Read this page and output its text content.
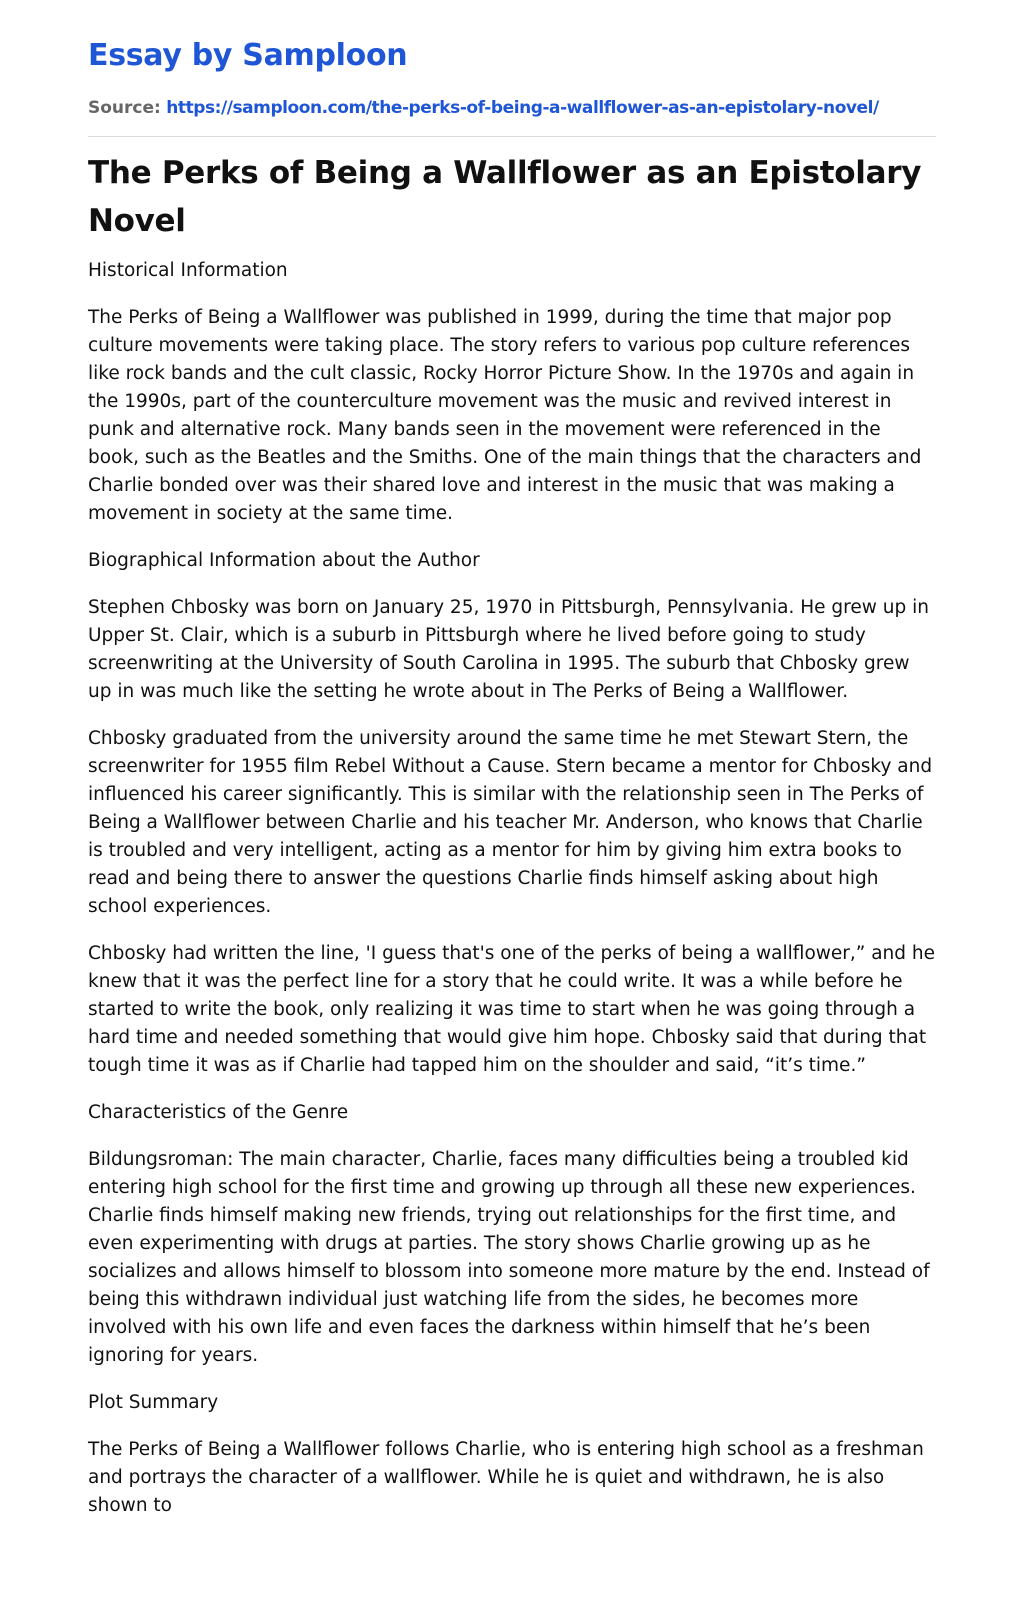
Essay by Samploon
Source: https://samploon.com/the-perks-of-being-a-wallflower-as-an-epistolary-novel/
The Perks of Being a Wallflower as an Epistolary Novel
Historical Information

The Perks of Being a Wallflower was published in 1999, during the time that major pop culture movements were taking place. The story refers to various pop culture references like rock bands and the cult classic, Rocky Horror Picture Show. In the 1970s and again in the 1990s, part of the counterculture movement was the music and revived interest in punk and alternative rock. Many bands seen in the movement were referenced in the book, such as the Beatles and the Smiths. One of the main things that the characters and Charlie bonded over was their shared love and interest in the music that was making a movement in society at the same time.

Biographical Information about the Author

Stephen Chbosky was born on January 25, 1970 in Pittsburgh, Pennsylvania. He grew up in Upper St. Clair, which is a suburb in Pittsburgh where he lived before going to study screenwriting at the University of South Carolina in 1995. The suburb that Chbosky grew up in was much like the setting he wrote about in The Perks of Being a Wallflower.

Chbosky graduated from the university around the same time he met Stewart Stern, the screenwriter for 1955 film Rebel Without a Cause. Stern became a mentor for Chbosky and influenced his career significantly. This is similar with the relationship seen in The Perks of Being a Wallflower between Charlie and his teacher Mr. Anderson, who knows that Charlie is troubled and very intelligent, acting as a mentor for him by giving him extra books to read and being there to answer the questions Charlie finds himself asking about high school experiences.

Chbosky had written the line, 'I guess that's one of the perks of being a wallflower,” and he knew that it was the perfect line for a story that he could write. It was a while before he started to write the book, only realizing it was time to start when he was going through a hard time and needed something that would give him hope. Chbosky said that during that tough time it was as if Charlie had tapped him on the shoulder and said, “it’s time.”

Characteristics of the Genre

Bildungsroman: The main character, Charlie, faces many difficulties being a troubled kid entering high school for the first time and growing up through all these new experiences. Charlie finds himself making new friends, trying out relationships for the first time, and even experimenting with drugs at parties. The story shows Charlie growing up as he socializes and allows himself to blossom into someone more mature by the end. Instead of being this withdrawn individual just watching life from the sides, he becomes more involved with his own life and even faces the darkness within himself that he’s been ignoring for years.

Plot Summary

The Perks of Being a Wallflower follows Charlie, who is entering high school as a freshman and portrays the character of a wallflower. While he is quiet and withdrawn, he is also shown to
